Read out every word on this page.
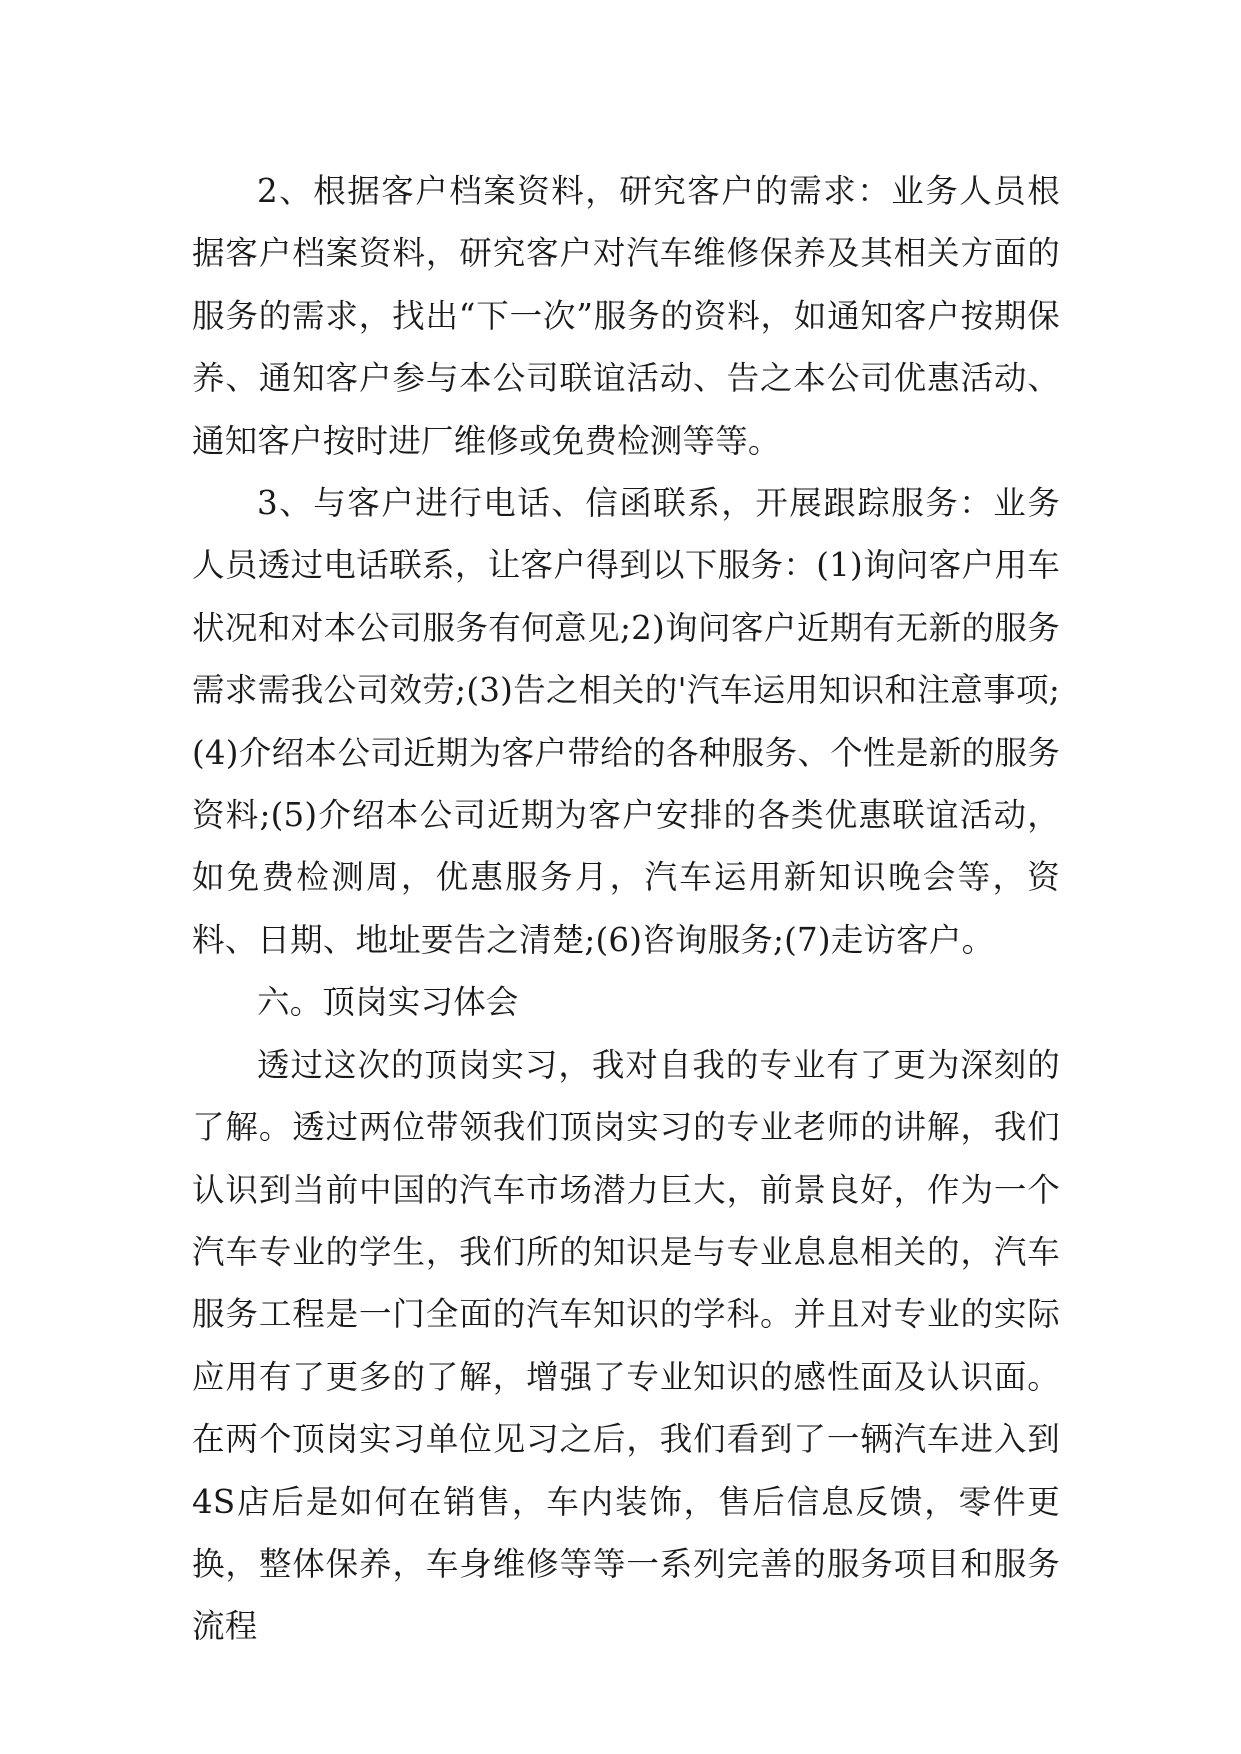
2、根据客户档案资料，研究客户的需求：业务人员根据客户档案资料，研究客户对汽车维修保养及其相关方面的服务的需求，找出“下一次”服务的资料，如通知客户按期保养、通知客户参与本公司联谊活动、告之本公司优惠活动、通知客户按时进厂维修或免费检测等等。

3、与客户进行电话、信函联系，开展跟踪服务：业务人员透过电话联系，让客户得到以下服务：(1)询问客户用车状况和对本公司服务有何意见;2)询问客户近期有无新的服务需求需我公司效劳;(3)告之相关的'汽车运用知识和注意事项;(4)介绍本公司近期为客户带给的各种服务、个性是新的服务资料;(5)介绍本公司近期为客户安排的各类优惠联谊活动，如免费检测周，优惠服务月，汽车运用新知识晚会等，资料、日期、地址要告之清楚;(6)咨询服务;(7)走访客户。

六。顶岗实习体会

透过这次的顶岗实习，我对自我的专业有了更为深刻的了解。透过两位带领我们顶岗实习的专业老师的讲解，我们认识到当前中国的汽车市场潜力巨大，前景良好，作为一个汽车专业的学生，我们所的知识是与专业息息相关的，汽车服务工程是一门全面的汽车知识的学科。并且对专业的实际应用有了更多的了解，增强了专业知识的感性面及认识面。在两个顶岗实习单位见习之后，我们看到了一辆汽车进入到4S店后是如何在销售，车内装饰，售后信息反馈，零件更换，整体保养，车身维修等等一系列完善的服务项目和服务流程
